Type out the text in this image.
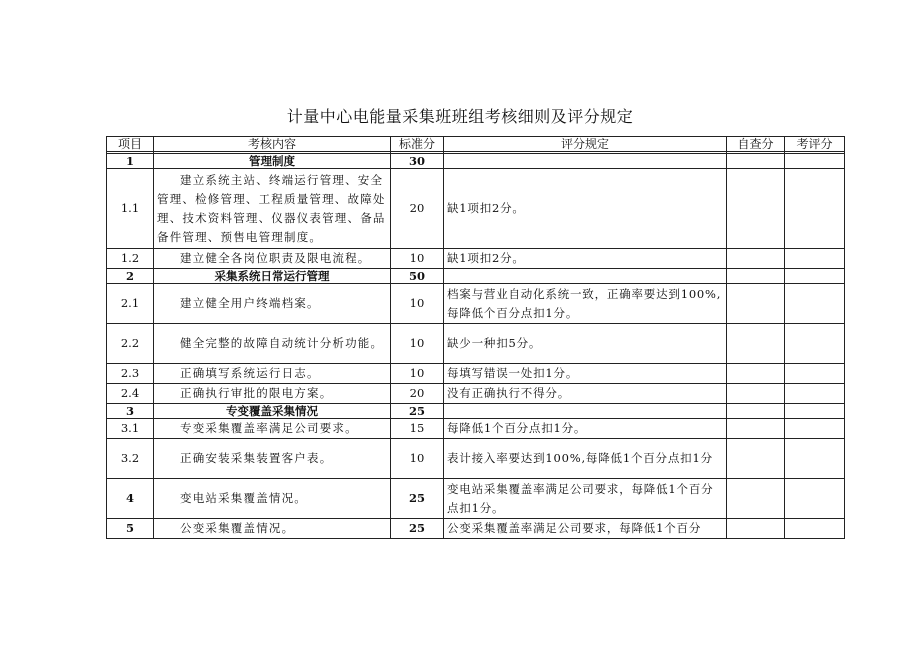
计量中心电能量采集班班组考核细则及评分规定
项目	考核内容	标准分	评分规定	自查分	考评分

1	管理制度	30			
1.1	建立系统主站、终端运行管理、安全管理、检修管理、工程质量管理、故障处理、技术资料管理、仪器仪表管理、备品备件管理、预售电管理制度。	20	缺1项扣2分。		
1.2	建立健全各岗位职责及限电流程。	10	缺1项扣2分。		
2	采集系统日常运行管理	50			
2.1	建立健全用户终端档案。	10	档案与营业自动化系统一致，正确率要达到100%,每降低个百分点扣1分。		
2.2	健全完整的故障自动统计分析功能。	10	缺少一种扣5分。		
2.3	正确填写系统运行日志。	10	每填写错误一处扣1分。		
2.4	正确执行审批的限电方案。	20	没有正确执行不得分。		
3	专变覆盖采集情况	25			
3.1	专变采集覆盖率满足公司要求。	15	每降低1个百分点扣1分。		
3.2	正确安装采集装置客户表。	10	表计接入率要达到100%,每降低1个百分点扣1分		
4	变电站采集覆盖情况。	25	变电站采集覆盖率满足公司要求，每降低1个百分点扣1分。		
5	公变采集覆盖情况。	25	公变采集覆盖率满足公司要求，每降低1个百分		
